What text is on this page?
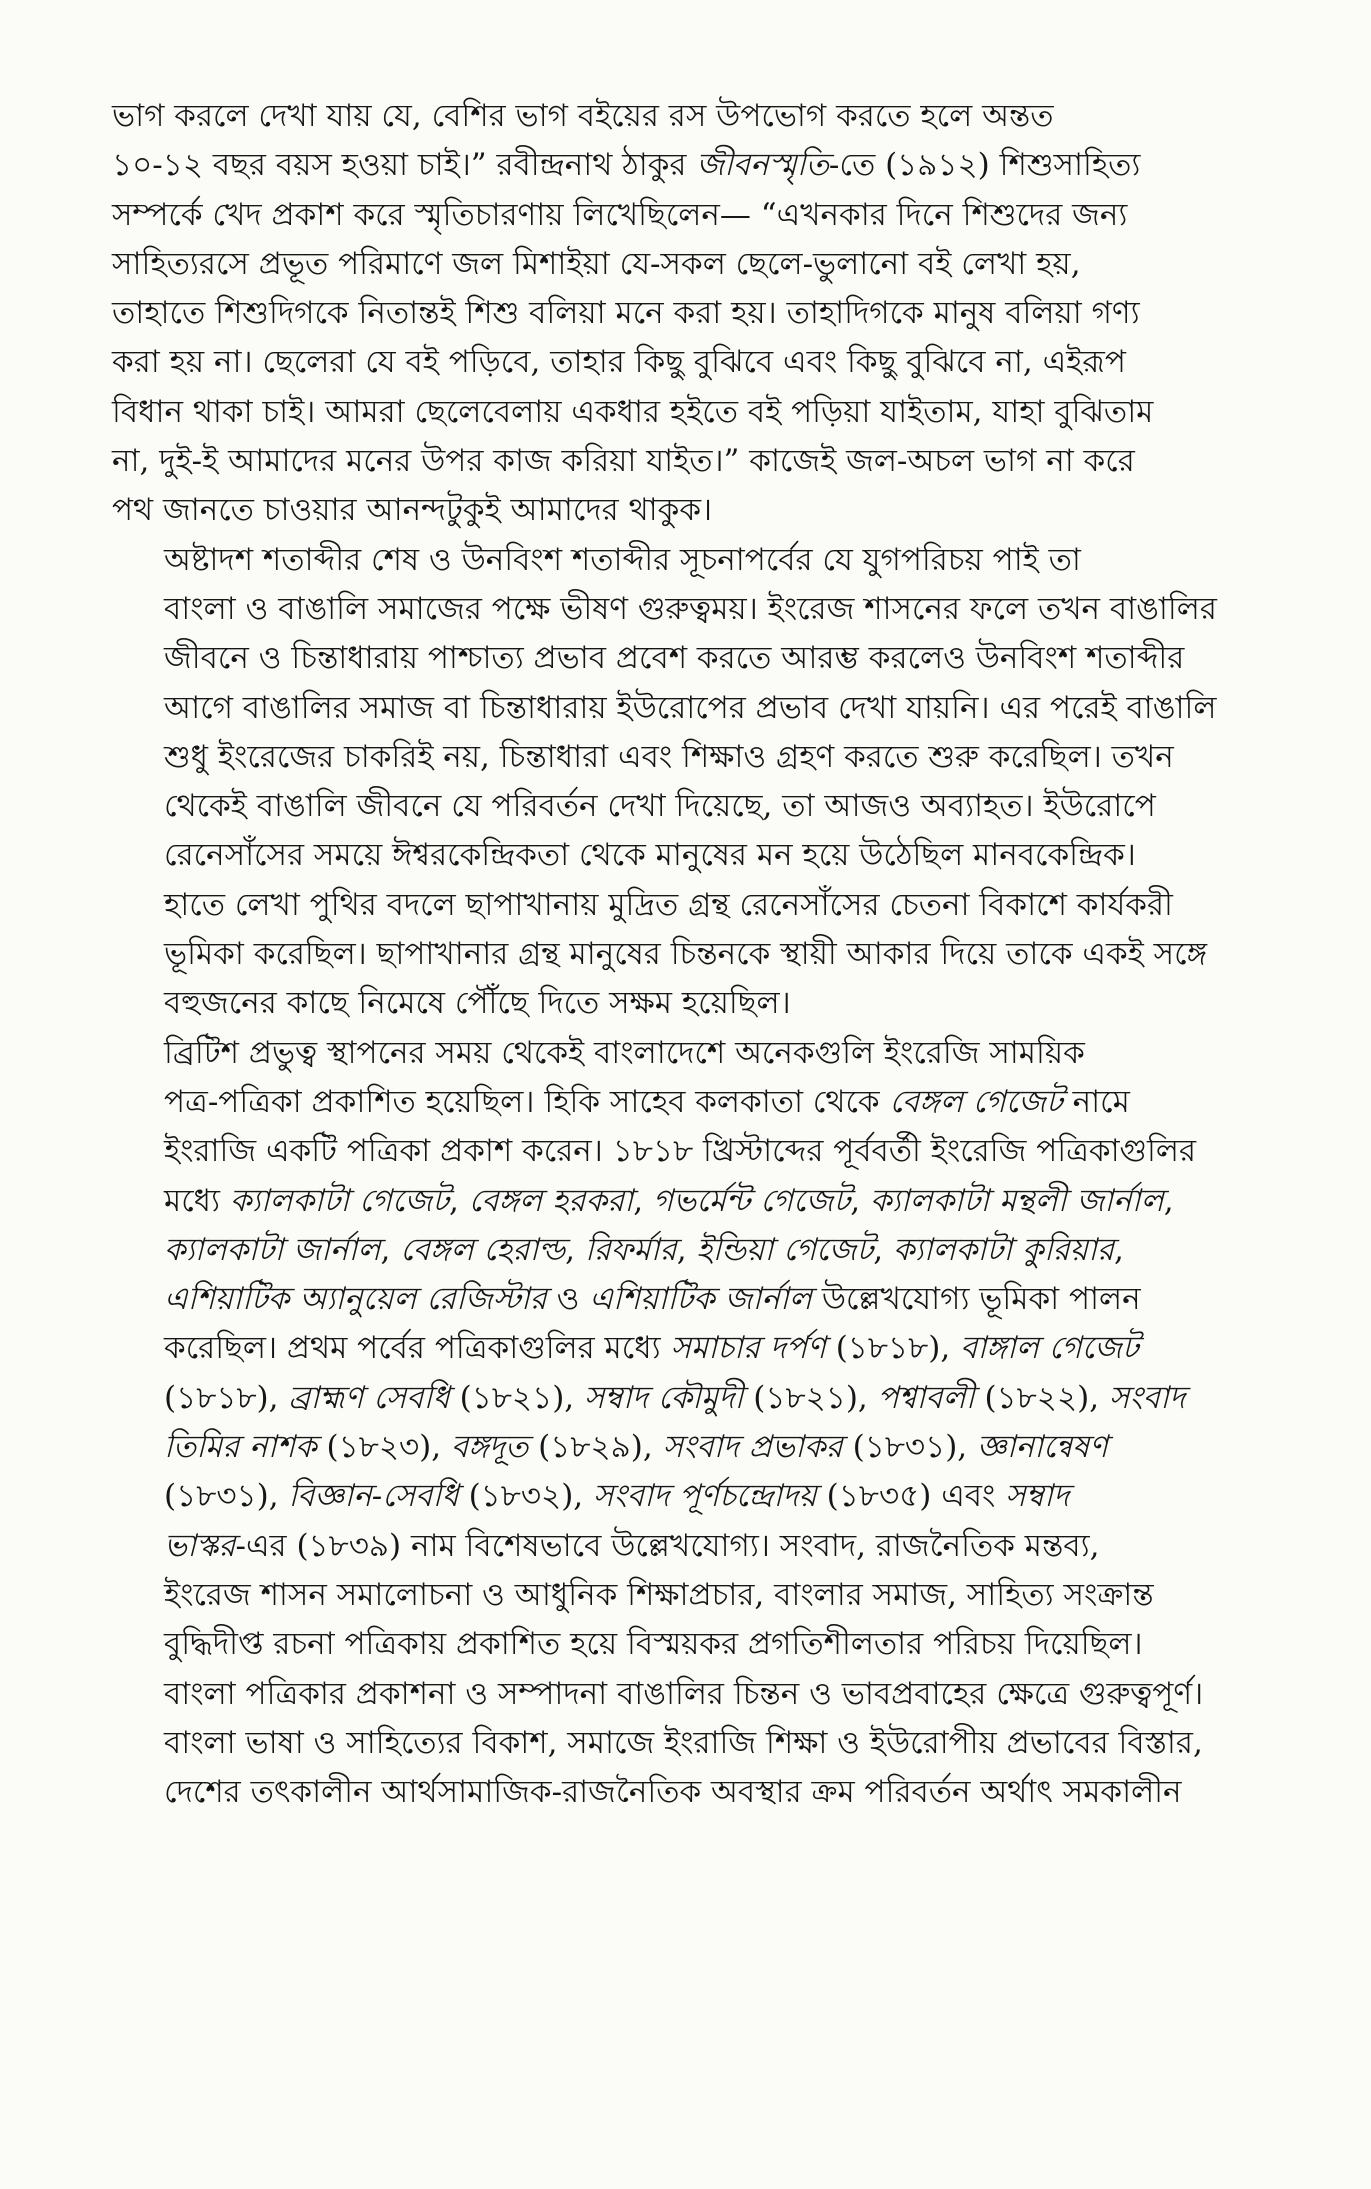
ভাগ করলে দেখা যায় যে, বেশির ভাগ বইয়ের রস উপভোগ করতে হলে অন্তত
১০-১২ বছর বয়স হওয়া চাই।” রবীন্দ্রনাথ ঠাকুর জীবনস্মৃতি-তে (১৯১২) শিশুসাহিত্য
সম্পর্কে খেদ প্রকাশ করে স্মৃতিচারণায় লিখেছিলেন— “এখনকার দিনে শিশুদের জন্য
সাহিত্যরসে প্রভূত পরিমাণে জল মিশাইয়া যে-সকল ছেলে-ভুলানো বই লেখা হয়,
তাহাতে শিশুদিগকে নিতান্তই শিশু বলিয়া মনে করা হয়। তাহাদিগকে মানুষ বলিয়া গণ্য
করা হয় না। ছেলেরা যে বই পড়িবে, তাহার কিছু বুঝিবে এবং কিছু বুঝিবে না, এইরূপ
বিধান থাকা চাই। আমরা ছেলেবেলায় একধার হইতে বই পড়িয়া যাইতাম, যাহা বুঝিতাম
না, দুই-ই আমাদের মনের উপর কাজ করিয়া যাইত।” কাজেই জল-অচল ভাগ না করে
পথ জানতে চাওয়ার আনন্দটুকুই আমাদের থাকুক।

অষ্টাদশ শতাব্দীর শেষ ও উনবিংশ শতাব্দীর সূচনাপর্বের যে যুগপরিচয় পাই তা
বাংলা ও বাঙালি সমাজের পক্ষে ভীষণ গুরুত্বময়। ইংরেজ শাসনের ফলে তখন বাঙালির
জীবনে ও চিন্তাধারায় পাশ্চাত্য প্রভাব প্রবেশ করতে আরম্ভ করলেও উনবিংশ শতাব্দীর
আগে বাঙালির সমাজ বা চিন্তাধারায় ইউরোপের প্রভাব দেখা যায়নি। এর পরেই বাঙালি
শুধু ইংরেজের চাকরিই নয়, চিন্তাধারা এবং শিক্ষাও গ্রহণ করতে শুরু করেছিল। তখন
থেকেই বাঙালি জীবনে যে পরিবর্তন দেখা দিয়েছে, তা আজও অব্যাহত। ইউরোপে
রেনেসাঁসের সময়ে ঈশ্বরকেন্দ্রিকতা থেকে মানুষের মন হয়ে উঠেছিল মানবকেন্দ্রিক।
হাতে লেখা পুথির বদলে ছাপাখানায় মুদ্রিত গ্রন্থ রেনেসাঁসের চেতনা বিকাশে কার্যকরী
ভূমিকা করেছিল। ছাপাখানার গ্রন্থ মানুষের চিন্তনকে স্থায়ী আকার দিয়ে তাকে একই সঙ্গে
বহুজনের কাছে নিমেষে পৌঁছে দিতে সক্ষম হয়েছিল।

ব্রিটিশ প্রভুত্ব স্থাপনের সময় থেকেই বাংলাদেশে অনেকগুলি ইংরেজি সাময়িক
পত্র-পত্রিকা প্রকাশিত হয়েছিল। হিকি সাহেব কলকাতা থেকে বেঙ্গল গেজেট নামে
ইংরাজি একটি পত্রিকা প্রকাশ করেন। ১৮১৮ খ্রিস্টাব্দের পূর্ববর্তী ইংরেজি পত্রিকাগুলির
মধ্যে ক্যালকাটা গেজেট, বেঙ্গল হরকরা, গভর্মেন্ট গেজেট, ক্যালকাটা মন্থলী জার্নাল,
ক্যালকাটা জার্নাল, বেঙ্গল হেরাল্ড, রিফর্মার, ইন্ডিয়া গেজেট, ক্যালকাটা কুরিয়ার,
এশিয়াটিক অ্যানুয়েল রেজিস্টার ও এশিয়াটিক জার্নাল উল্লেখযোগ্য ভূমিকা পালন
করেছিল। প্রথম পর্বের পত্রিকাগুলির মধ্যে সমাচার দর্পণ (১৮১৮), বাঙ্গাল গেজেট
(১৮১৮), ব্রাহ্মণ সেবধি (১৮২১), সম্বাদ কৌমুদী (১৮২১), পশ্বাবলী (১৮২২), সংবাদ
তিমির নাশক (১৮২৩), বঙ্গদূত (১৮২৯), সংবাদ প্রভাকর (১৮৩১), জ্ঞানান্বেষণ
(১৮৩১), বিজ্ঞান-সেবধি (১৮৩২), সংবাদ পূর্ণচন্দ্রোদয় (১৮৩৫) এবং সম্বাদ
ভাস্কর-এর (১৮৩৯) নাম বিশেষভাবে উল্লেখযোগ্য। সংবাদ, রাজনৈতিক মন্তব্য,
ইংরেজ শাসন সমালোচনা ও আধুনিক শিক্ষাপ্রচার, বাংলার সমাজ, সাহিত্য সংক্রান্ত
বুদ্ধিদীপ্ত রচনা পত্রিকায় প্রকাশিত হয়ে বিস্ময়কর প্রগতিশীলতার পরিচয় দিয়েছিল।
বাংলা পত্রিকার প্রকাশনা ও সম্পাদনা বাঙালির চিন্তন ও ভাবপ্রবাহের ক্ষেত্রে গুরুত্বপূর্ণ।
বাংলা ভাষা ও সাহিত্যের বিকাশ, সমাজে ইংরাজি শিক্ষা ও ইউরোপীয় প্রভাবের বিস্তার,
দেশের তৎকালীন আর্থসামাজিক-রাজনৈতিক অবস্থার ক্রম পরিবর্তন অর্থাৎ সমকালীন
